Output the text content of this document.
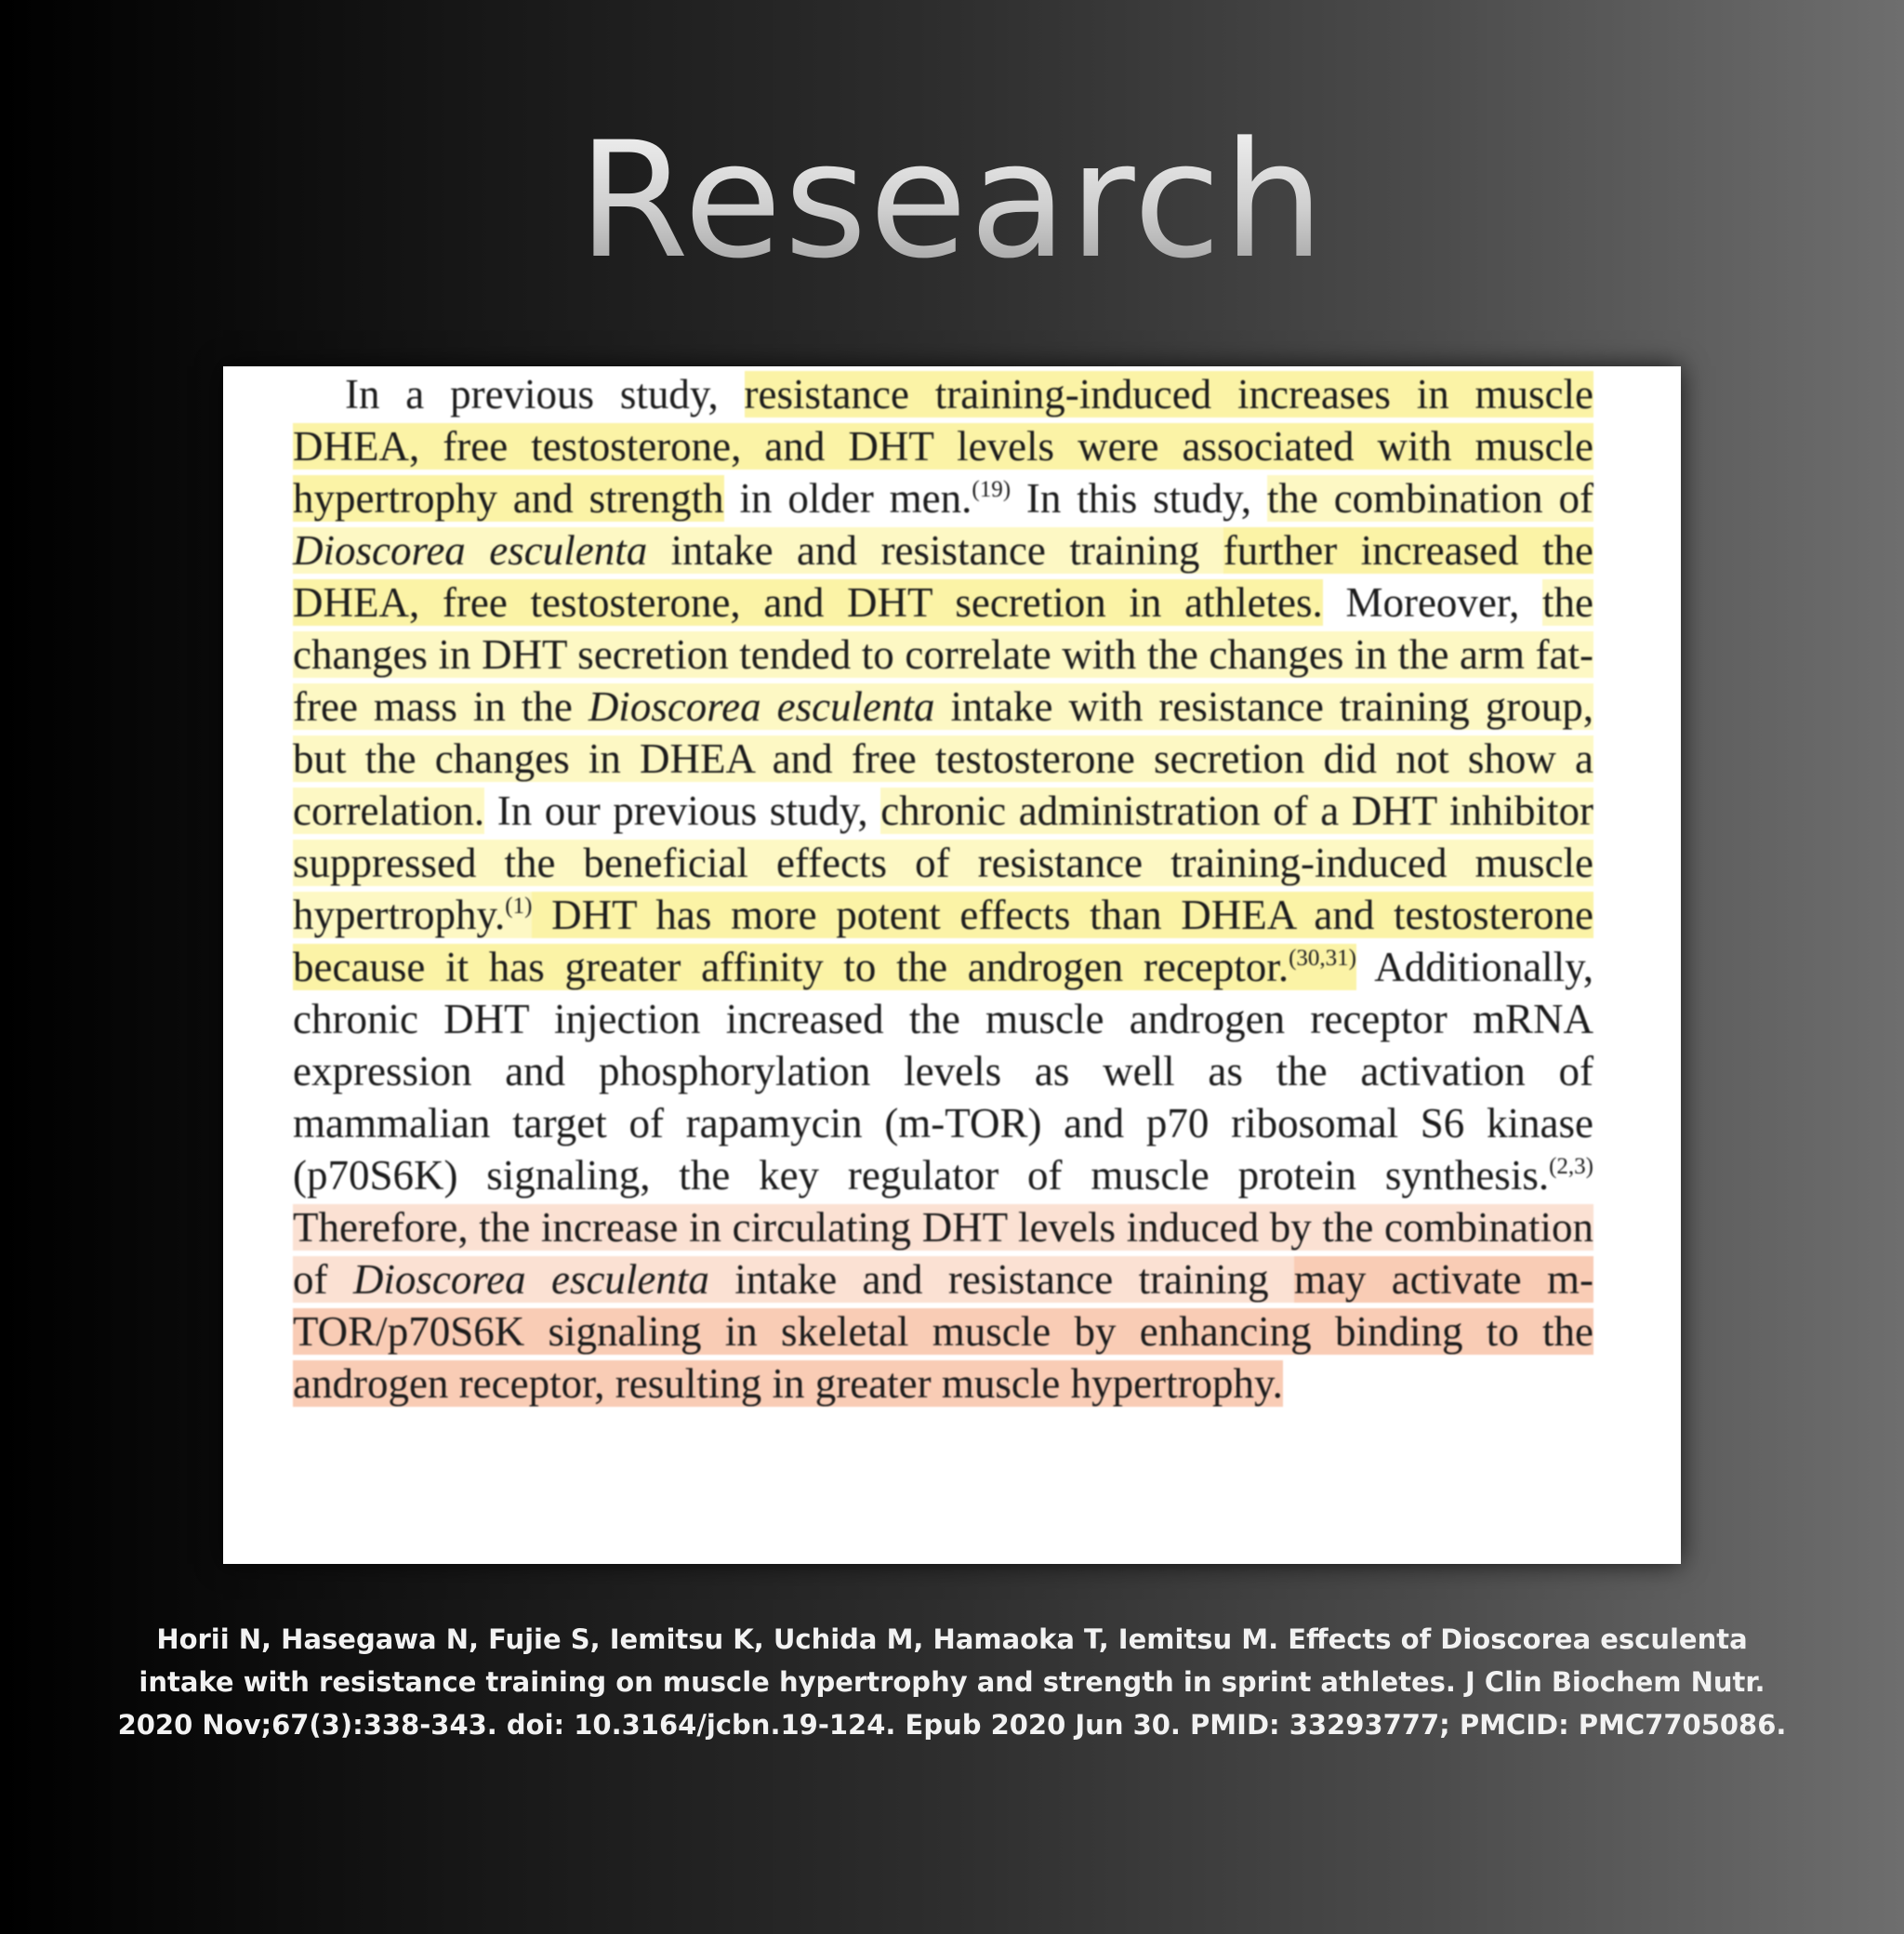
Research

In a previous study, resistance training-induced increases in muscle DHEA, free testosterone, and DHT levels were associated with muscle hypertrophy and strength in older men.$^{(19)}$ In this study, the combination of Dioscorea esculenta intake and resistance training further increased the DHEA, free testosterone, and DHT secretion in athletes. Moreover, the changes in DHT secretion tended to correlate with the changes in the arm fat-free mass in the Dioscorea esculenta intake with resistance training group, but the changes in DHEA and free testosterone secretion did not show a correlation. In our previous study, chronic administration of a DHT inhibitor suppressed the beneficial effects of resistance training-induced muscle hypertrophy.$^{(1)}$ DHT has more potent effects than DHEA and testosterone because it has greater affinity to the androgen receptor.$^{(30,31)}$ Additionally, chronic DHT injection increased the muscle androgen receptor mRNA expression and phosphorylation levels as well as the activation of mammalian target of rapamycin (m-TOR) and p70 ribosomal S6 kinase (p70S6K) signaling, the key regulator of muscle protein synthesis.$^{(2,3)}$ Therefore, the increase in circulating DHT levels induced by the combination of Dioscorea esculenta intake and resistance training may activate m-TOR/p70S6K signaling in skeletal muscle by enhancing binding to the androgen receptor, resulting in greater muscle hypertrophy.

Horii N, Hasegawa N, Fujie S, Iemitsu K, Uchida M, Hamaoka T, Iemitsu M. Effects of Dioscorea esculenta intake with resistance training on muscle hypertrophy and strength in sprint athletes. J Clin Biochem Nutr. 2020 Nov;67(3):338-343. doi: 10.3164/jcbn.19-124. Epub 2020 Jun 30. PMID: 33293777; PMCID: PMC7705086.
